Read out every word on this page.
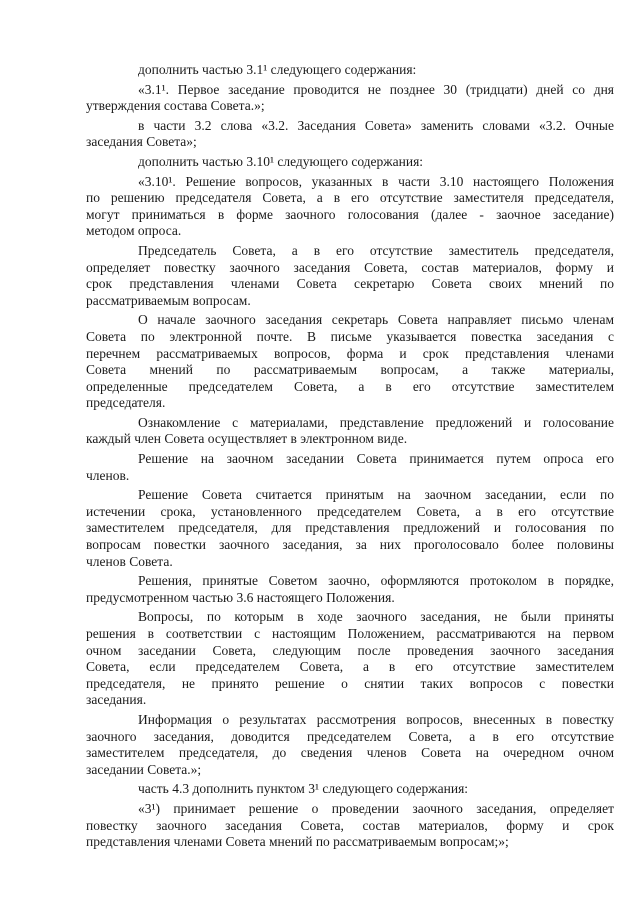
дополнить частью 3.1¹ следующего содержания:
«3.1¹. Первое заседание проводится не позднее 30 (тридцати) дней со дня
утверждения состава Совета.»;
в части 3.2 слова «3.2. Заседания Совета» заменить словами «3.2. Очные
заседания Совета»;
дополнить частью 3.10¹ следующего содержания:
«3.10¹. Решение вопросов, указанных в части 3.10 настоящего Положения
по решению председателя Совета, а в его отсутствие заместителя председателя,
могут приниматься в форме заочного голосования (далее - заочное заседание)
методом опроса.
Председатель Совета, а в его отсутствие заместитель председателя,
определяет повестку заочного заседания Совета, состав материалов, форму и
срок представления членами Совета секретарю Совета своих мнений по
рассматриваемым вопросам.
О начале заочного заседания секретарь Совета направляет письмо членам
Совета по электронной почте. В письме указывается повестка заседания с
перечнем рассматриваемых вопросов, форма и срок представления членами
Совета мнений по рассматриваемым вопросам, а также материалы,
определенные председателем Совета, а в его отсутствие заместителем
председателя.
Ознакомление с материалами, представление предложений и голосование
каждый член Совета осуществляет в электронном виде.
Решение на заочном заседании Совета принимается путем опроса его
членов.
Решение Совета считается принятым на заочном заседании, если по
истечении срока, установленного председателем Совета, а в его отсутствие
заместителем председателя, для представления предложений и голосования по
вопросам повестки заочного заседания, за них проголосовало более половины
членов Совета.
Решения, принятые Советом заочно, оформляются протоколом в порядке,
предусмотренном частью 3.6 настоящего Положения.
Вопросы, по которым в ходе заочного заседания, не были приняты
решения в соответствии с настоящим Положением, рассматриваются на первом
очном заседании Совета, следующим после проведения заочного заседания
Совета, если председателем Совета, а в его отсутствие заместителем
председателя, не принято решение о снятии таких вопросов с повестки
заседания.
Информация о результатах рассмотрения вопросов, внесенных в повестку
заочного заседания, доводится председателем Совета, а в его отсутствие
заместителем председателя, до сведения членов Совета на очередном очном
заседании Совета.»;
часть 4.3 дополнить пунктом 3¹ следующего содержания:
«3¹) принимает решение о проведении заочного заседания, определяет
повестку заочного заседания Совета, состав материалов, форму и срок
представления членами Совета мнений по рассматриваемым вопросам;»;
